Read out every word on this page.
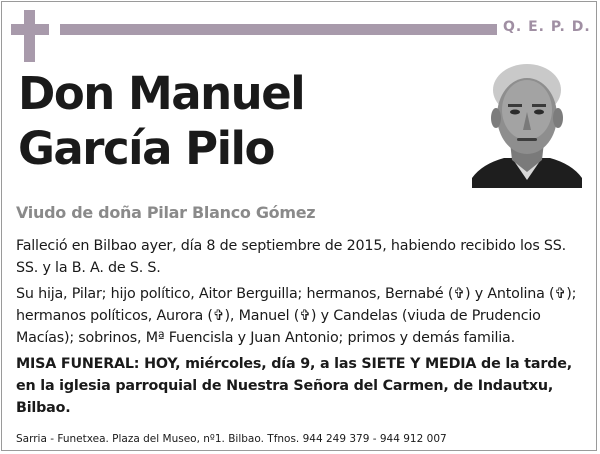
Q. E. P. D.
Don Manuel
García Pilo
Viudo de doña Pilar Blanco Gómez

Falleció en Bilbao ayer, día 8 de septiembre de 2015, habiendo recibido los SS. SS. y la B. A. de S. S.

Su hija, Pilar; hijo político, Aitor Berguilla; hermanos, Bernabé (✞) y Antolina (✞); hermanos políticos, Aurora (✞), Manuel (✞) y Candelas (viuda de Prudencio Macías); sobrinos, Mª Fuencisla y Juan Antonio; primos y demás familia.

MISA FUNERAL: HOY, miércoles, día 9, a las SIETE Y MEDIA de la tarde, en la iglesia parroquial de Nuestra Señora del Carmen, de Indautxu, Bilbao.

Sarria - Funetxea. Plaza del Museo, nº1. Bilbao. Tfnos. 944 249 379 - 944 912 007
